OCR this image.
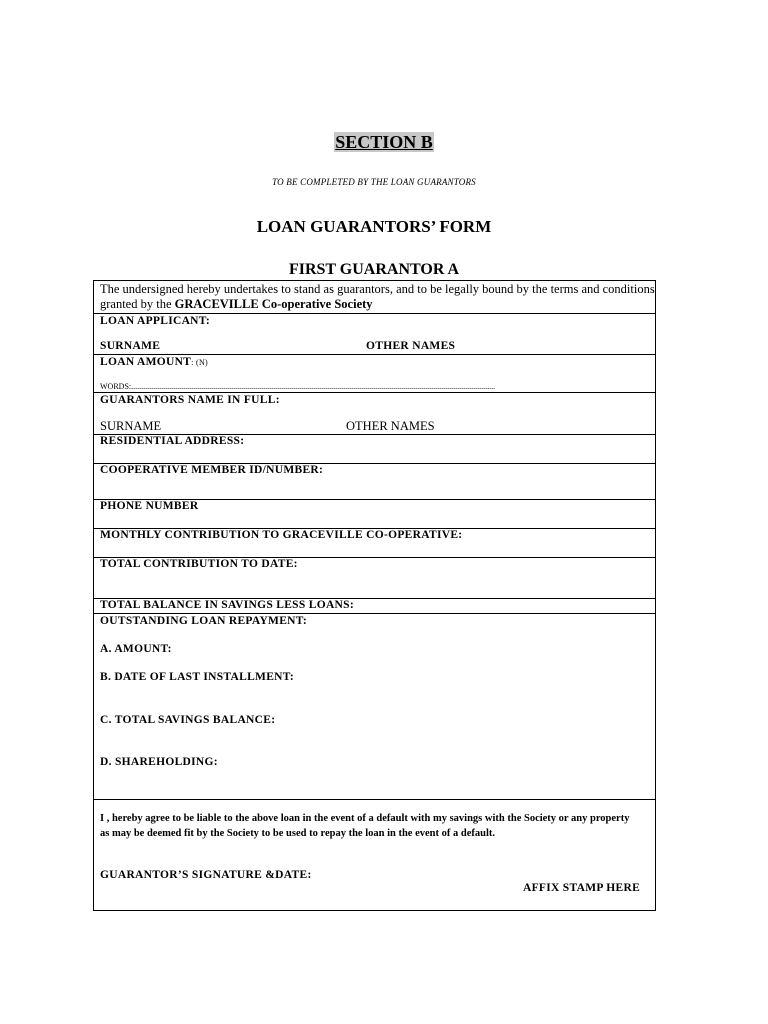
SECTION B
TO BE COMPLETED BY THE LOAN GUARANTORS
LOAN GUARANTORS’ FORM
FIRST GUARANTOR A
The undersigned hereby undertakes to stand as guarantors, and to be legally bound by the terms and conditions granted by the GRACEVILLE Co-operative Society
LOAN APPLICANT:
SURNAME	OTHER NAMES
LOAN AMOUNT: (N)
WORDS:......................................................................................................................................................................................
GUARANTORS NAME IN FULL:
SURNAME	OTHER NAMES
RESIDENTIAL ADDRESS:
COOPERATIVE MEMBER ID/NUMBER:
PHONE NUMBER
MONTHLY CONTRIBUTION TO GRACEVILLE CO-OPERATIVE:
TOTAL CONTRIBUTION TO DATE:
TOTAL BALANCE IN SAVINGS LESS LOANS:
OUTSTANDING LOAN REPAYMENT:
A. AMOUNT:
B. DATE OF LAST INSTALLMENT:
C. TOTAL SAVINGS BALANCE:
D. SHAREHOLDING:
I , hereby agree to be liable to the above loan in the event of a default with my savings with the Society or any property as may be deemed fit by the Society to be used to repay the loan in the event of a default.
GUARANTOR’S SIGNATURE &DATE:
AFFIX STAMP HERE
